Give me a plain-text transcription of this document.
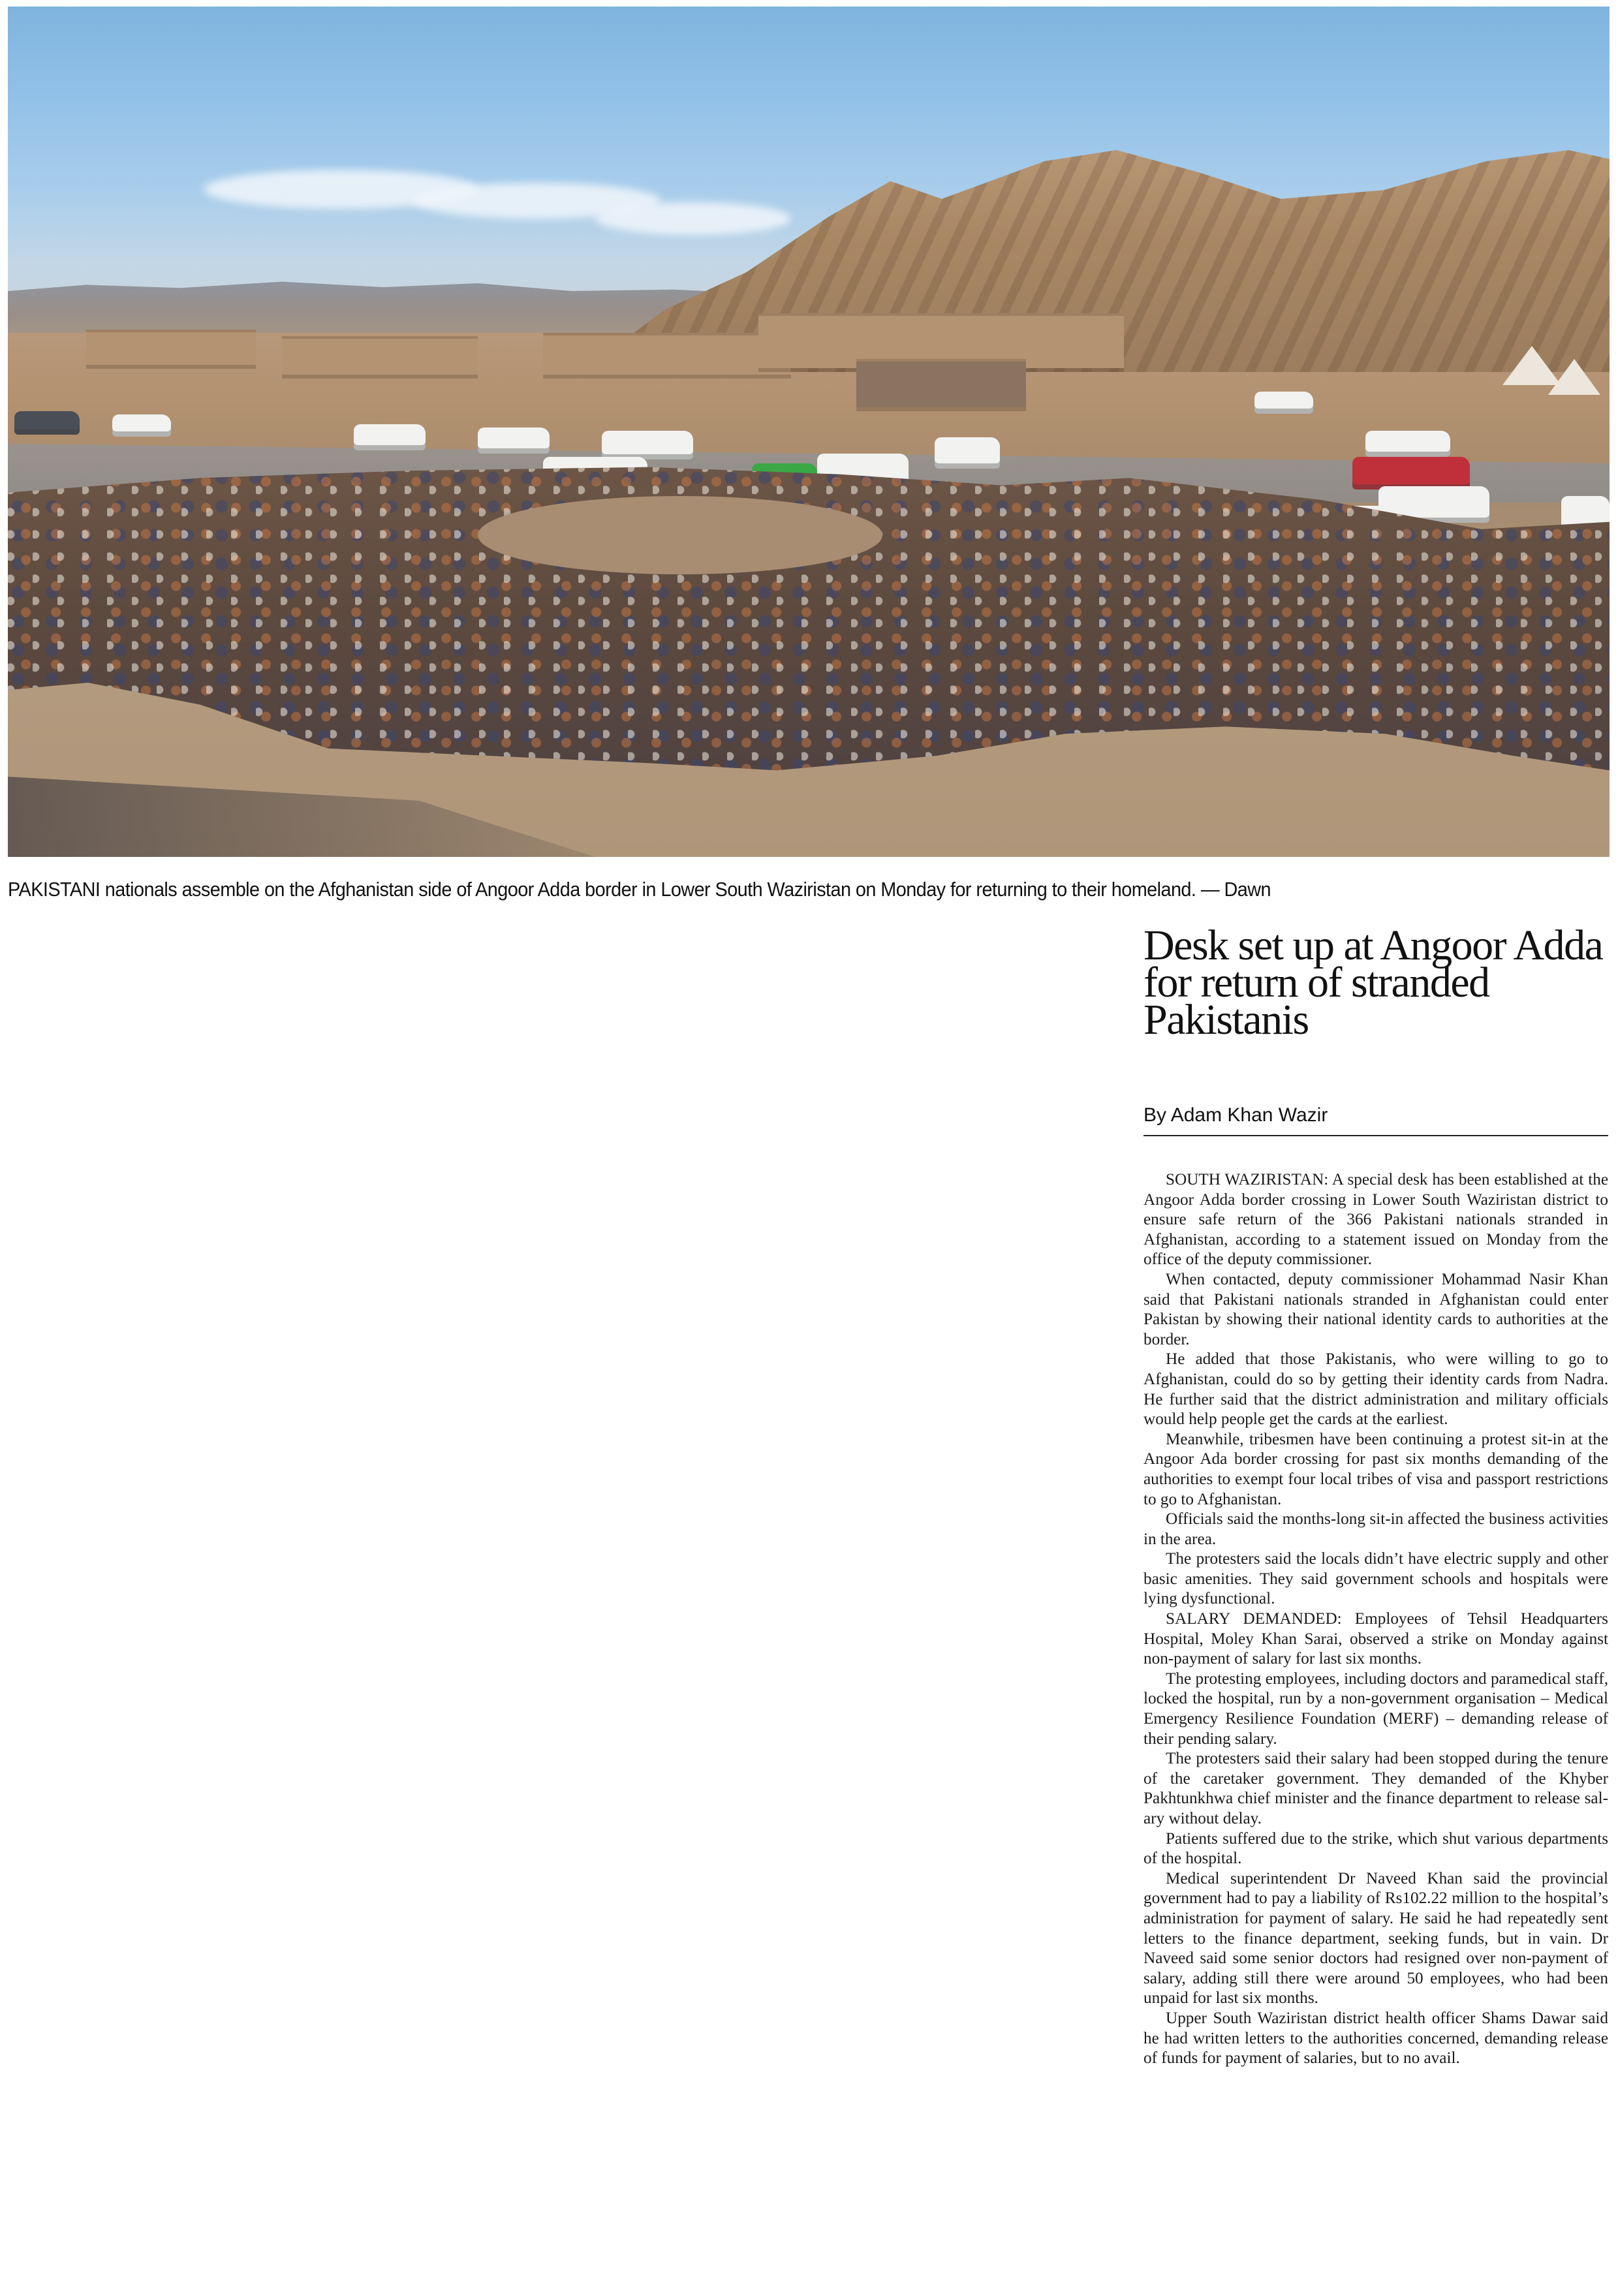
PAKISTANI nationals assemble on the Afghanistan side of Angoor Adda border in Lower South Waziristan on Monday for returning to their homeland. — Dawn
Desk set up at Angoor Adda for return of stranded Pakistanis
By Adam Khan Wazir

SOUTH WAZIRISTAN: A special desk has been established at the Angoor Adda border crossing in Lower South Waziristan district to ensure safe return of the 366 Pakistani nationals stranded in Afghanistan, according to a statement issued on Monday from the office of the deputy commissioner.

When contacted, deputy commissioner Mohammad Nasir Khan said that Pakistani nationals stranded in Afghanistan could enter Pakistan by showing their national identity cards to authorities at the border.

He added that those Pakistanis, who were willing to go to Afghanistan, could do so by getting their identity cards from Nadra. He further said that the district administration and military officials would help people get the cards at the earliest.

Meanwhile, tribesmen have been continuing a protest sit-in at the Angoor Ada border crossing for past six months demanding of the authorities to exempt four local tribes of visa and passport restrictions to go to Afghanistan.

Officials said the months-long sit-in affected the business activities in the area.

The protesters said the locals didn’t have electric supply and other basic amenities. They said government schools and hospitals were lying dysfunctional.

SALARY DEMANDED: Employees of Tehsil Headquarters Hospital, Moley Khan Sarai, observed a strike on Monday against non-payment of salary for last six months.

The protesting employees, including doctors and paramedical staff, locked the hospital, run by a non-government organisation – Medical Emergency Resilience Foundation (MERF) – demanding release of their pending salary.

The protesters said their salary had been stopped during the tenure of the caretaker government. They demanded of the Khyber Pakhtunkhwa chief minister and the finance department to release salary without delay.

Patients suffered due to the strike, which shut various departments of the hospital.

Medical superintendent Dr Naveed Khan said the provincial government had to pay a liability of Rs102.22 million to the hospital’s administration for payment of salary. He said he had repeatedly sent letters to the finance department, seeking funds, but in vain. Dr Naveed said some senior doctors had resigned over non-payment of salary, adding still there were around 50 employees, who had been unpaid for last six months.

Upper South Waziristan district health officer Shams Dawar said he had written letters to the authorities concerned, demanding release of funds for payment of salaries, but to no avail.
